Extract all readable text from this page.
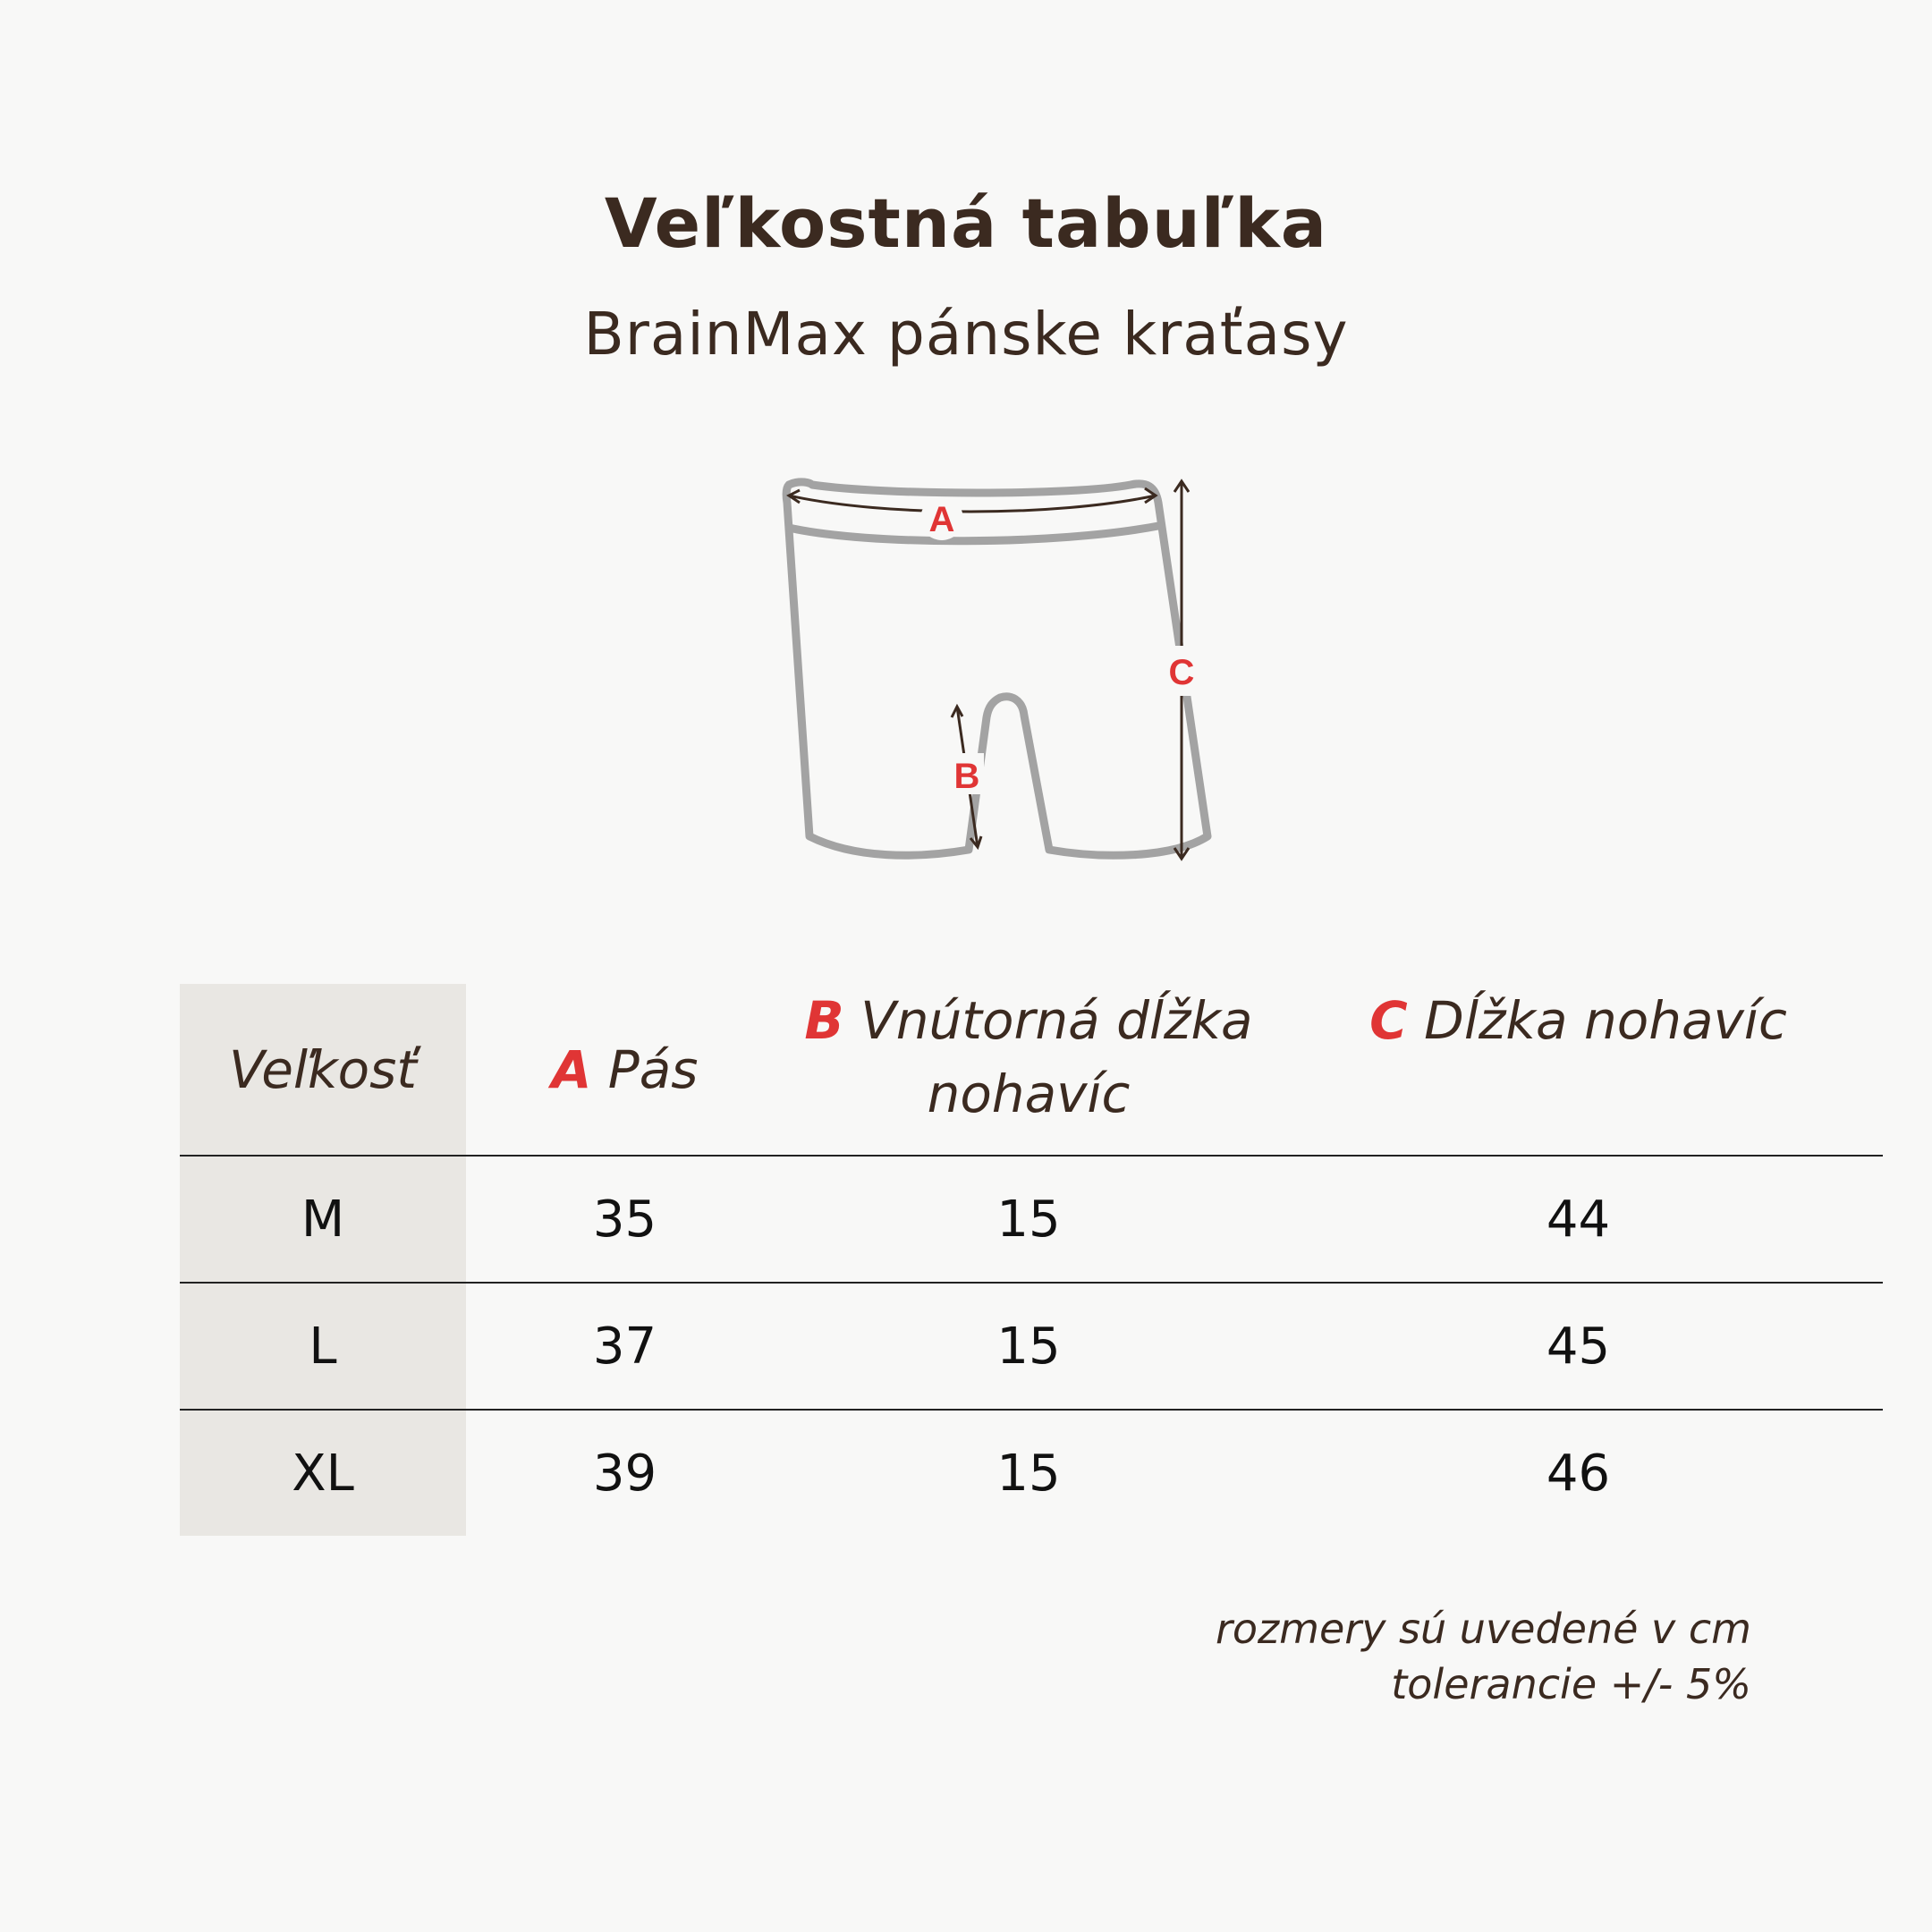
Veľkostná tabuľka
BrainMax pánske kraťasy
A
B
C
Veľkosť	A Pás	B Vnútorná dĺžka nohavíc	C Dĺžka nohavíc
M	35	15	44
L	37	15	45
XL	39	15	46
rozmery sú uvedené v cm
tolerancie +/- 5%
